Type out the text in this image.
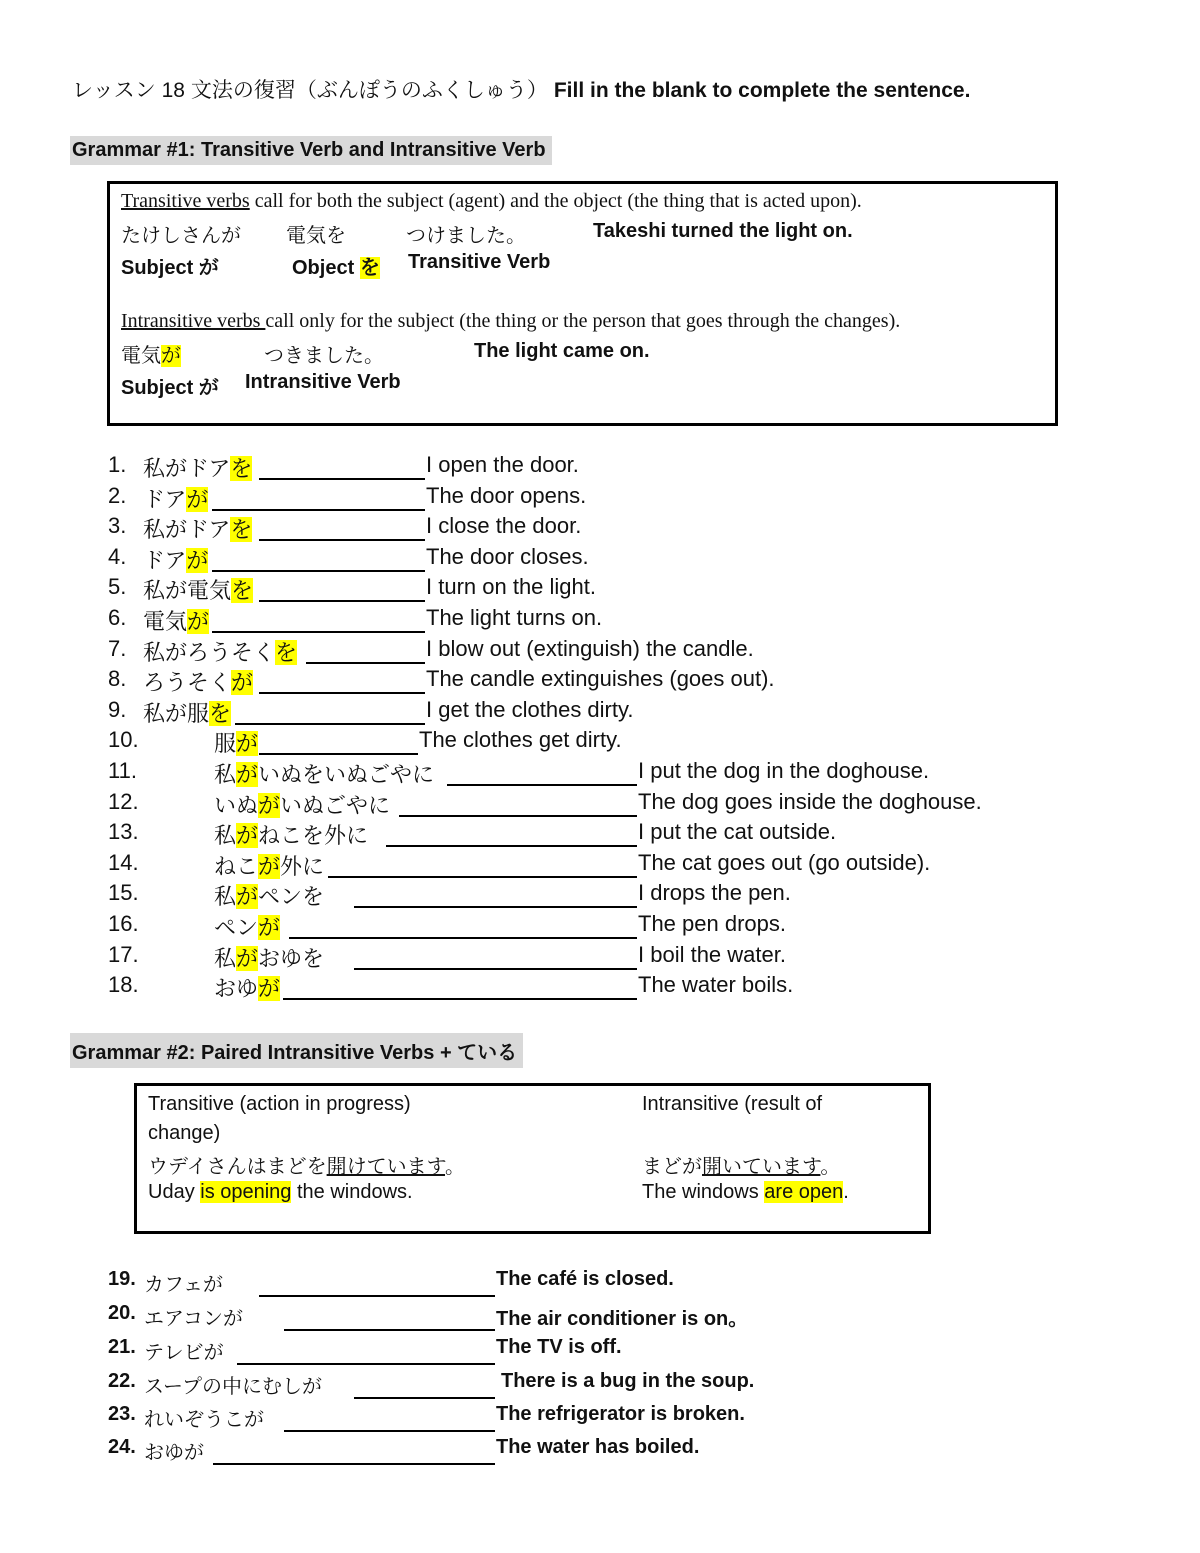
レッスン 18 文法の復習（ぶんぽうのふくしゅう） Fill in the blank to complete the sentence.
Grammar #1: Transitive Verb and Intransitive Verb
Transitive verbs call for both the subject (agent) and the object (the thing that is acted upon).
たけしさんが 電気を	つけました。	Takeshi turned the light on.
Subject が	Object を Transitive Verb
Intransitive verbs call only for the subject (the thing or the person that goes through the changes).
電気が	つきました。	The light came on.
Subject が Intransitive Verb
1. 私がドアを	I open the door.
2. ドアが	The door opens.
3. 私がドアを	I close the door.
4. ドアが	The door closes.
5. 私が電気を	I turn on the light.
6. 電気が	The light turns on.
7. 私がろうそくを	I blow out (extinguish) the candle.
8. ろうそくが	The candle extinguishes (goes out).
9. 私が服を	I get the clothes dirty.
10.	服が	The clothes get dirty.
11.	私がいぬをいぬごやに	I put the dog in the doghouse.
12.	いぬがいぬごやに	The dog goes inside the doghouse.
13.	私がねこを外に	I put the cat outside.
14.	ねこが外に	The cat goes out (go outside).
15.	私がペンを	I drops the pen.
16.	ペンが	The pen drops.
17.	私がおゆを	I boil the water.
18.	おゆが	The water boils.
Grammar #2: Paired Intransitive Verbs + ている
Transitive (action in progress)
change)
ウデイさんはまどを開けています。
Uday is opening the windows.
Intransitive (result of
まどが開いています。
The windows are open.
19. カフェが	The café is closed.
20. エアコンが	The air conditioner is on。
21. テレビが	The TV is off.
22. スープの中にむしが	There is a bug in the soup.
23. れいぞうこが	The refrigerator is broken.
24. おゆが	The water has boiled.
